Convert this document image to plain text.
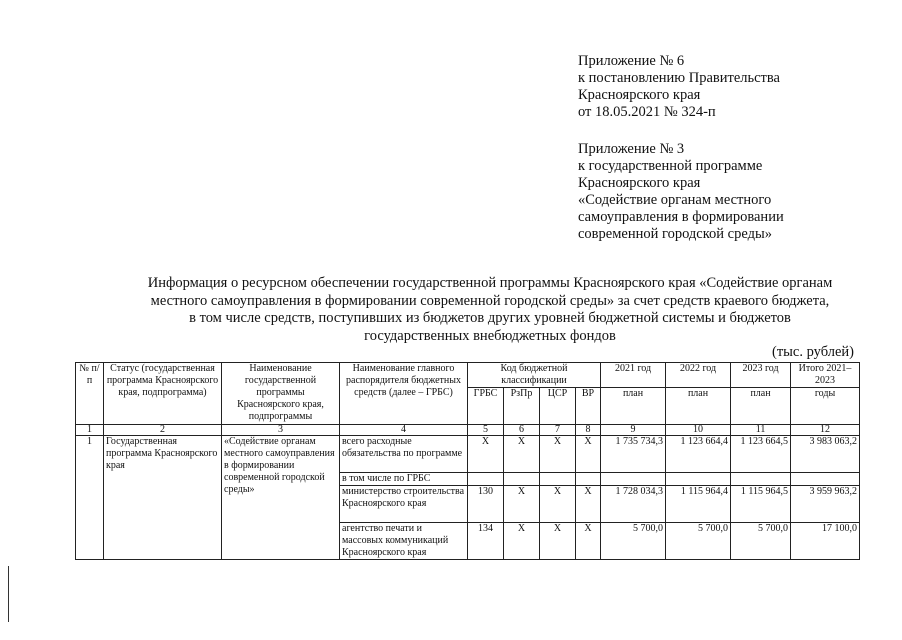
Приложение № 6
к постановлению Правительства
Красноярского края
от 18.05.2021 № 324-п
Приложение № 3
к государственной программе
Красноярского края
«Содействие органам местного
самоуправления в формировании
современной городской среды»
Информация о ресурсном обеспечении государственной программы Красноярского края «Содействие органам
местного самоуправления в формировании современной городской среды» за счет средств краевого бюджета,
в том числе средств, поступивших из бюджетов других уровней бюджетной системы и бюджетов
государственных внебюджетных фондов
(тыс. рублей)
№ п/п	Статус (государственная программа Красноярского края, подпрограмма)	Наименование государственной программы Красноярского края, подпрограммы	Наименование главного распорядителя бюджетных средств (далее – ГРБС)	Код бюджетной классификации				2021 год	2022 год	2023 год	Итого 2021–2023
				ГРБС	РзПр	ЦСР	ВР	план	план	план	годы
1	2	3	4	5	6	7	8	9	10	11	12
1	Государственная программа Красноярского края	«Содействие органам местного самоуправления в формировании современной городской среды»	всего расходные обязательства по программе	Х	Х	Х	Х	1 735 734,3	1 123 664,4	1 123 664,5	3 983 063,2
			в том числе по ГРБС								
			министерство строительства Красноярского края	130	Х	Х	Х	1 728 034,3	1 115 964,4	1 115 964,5	3 959 963,2
			агентство печати и массовых коммуникаций Красноярского края	134	Х	Х	Х	5 700,0	5 700,0	5 700,0	17 100,0
